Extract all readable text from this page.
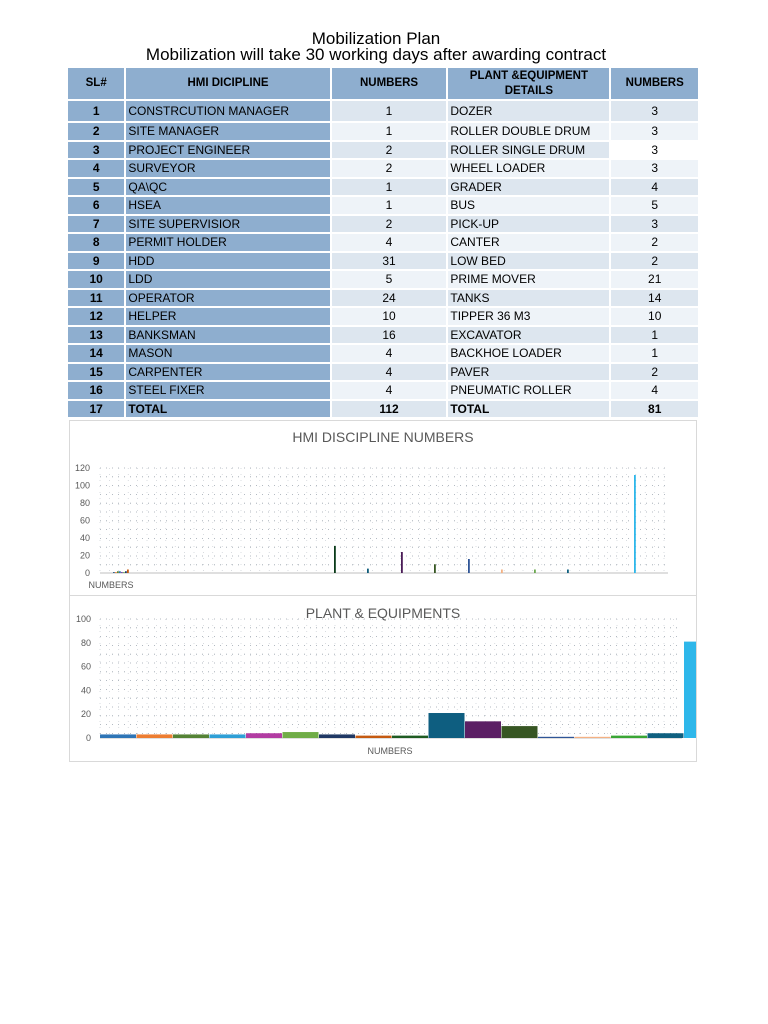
Mobilization Plan
Mobilization will take 30 working days after awarding contract
SL#	HMI DICIPLINE	NUMBERS	PLANT &EQUIPMENT DETAILS	NUMBERS
1	CONSTRCUTION MANAGER	1	DOZER	3
2	SITE MANAGER	1	ROLLER DOUBLE DRUM	3
3	PROJECT ENGINEER	2	ROLLER SINGLE DRUM	3
4	SURVEYOR	2	WHEEL LOADER	3
5	QA\QC	1	GRADER	4
6	HSEA	1	BUS	5
7	SITE SUPERVISIOR	2	PICK-UP	3
8	PERMIT HOLDER	4	CANTER	2
9	HDD	31	LOW BED	2
10	LDD	5	PRIME MOVER	21
11	OPERATOR	24	TANKS	14
12	HELPER	10	TIPPER 36 M3	10
13	BANKSMAN	16	EXCAVATOR	1
14	MASON	4	BACKHOE LOADER	1
15	CARPENTER	4	PAVER	2
16	STEEL FIXER	4	PNEUMATIC ROLLER	4
17	TOTAL	112	TOTAL	81
HMI DISCIPLINE NUMBERS
0
20
40
60
80
100
120
NUMBERS
PLANT & EQUIPMENTS
0
20
40
60
80
100
NUMBERS
